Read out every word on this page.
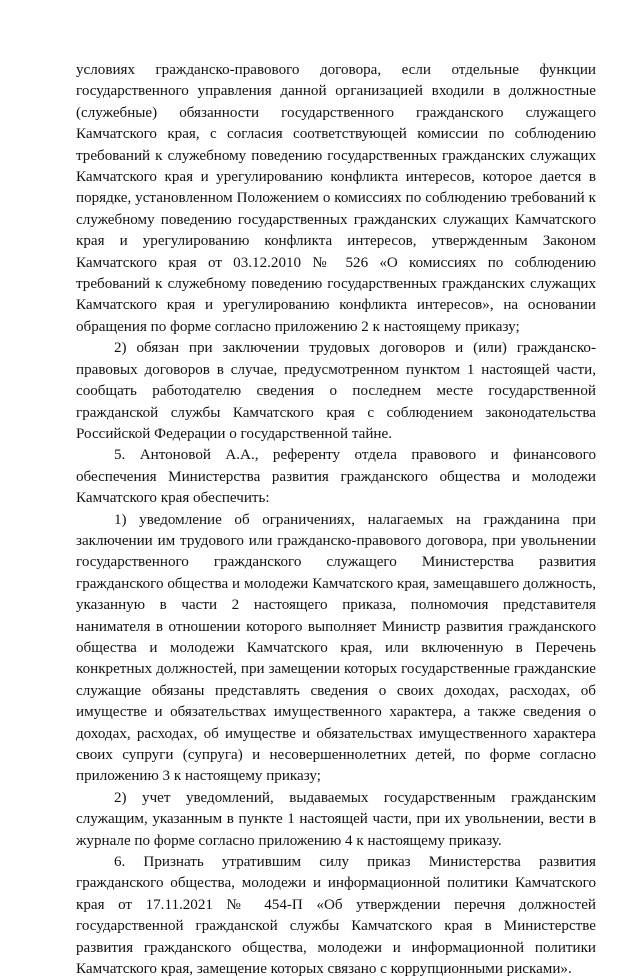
условиях гражданско-правового договора, если отдельные функции государственного управления данной организацией входили в должностные (служебные) обязанности государственного гражданского служащего Камчатского края, с согласия соответствующей комиссии по соблюдению требований к служебному поведению государственных гражданских служащих Камчатского края и урегулированию конфликта интересов, которое дается в порядке, установленном Положением о комиссиях по соблюдению требований к служебному поведению государственных гражданских служащих Камчатского края и урегулированию конфликта интересов, утвержденным Законом Камчатского края от 03.12.2010 № 526 «О комиссиях по соблюдению требований к служебному поведению государственных гражданских служащих Камчатского края и урегулированию конфликта интересов», на основании обращения по форме согласно приложению 2 к настоящему приказу;

2) обязан при заключении трудовых договоров и (или) гражданско-правовых договоров в случае, предусмотренном пунктом 1 настоящей части, сообщать работодателю сведения о последнем месте государственной гражданской службы Камчатского края с соблюдением законодательства Российской Федерации о государственной тайне.

5. Антоновой А.А., референту отдела правового и финансового обеспечения Министерства развития гражданского общества и молодежи Камчатского края обеспечить:

1) уведомление об ограничениях, налагаемых на гражданина при заключении им трудового или гражданско-правового договора, при увольнении государственного гражданского служащего Министерства развития гражданского общества и молодежи Камчатского края, замещавшего должность, указанную в части 2 настоящего приказа, полномочия представителя нанимателя в отношении которого выполняет Министр развития гражданского общества и молодежи Камчатского края, или включенную в Перечень конкретных должностей, при замещении которых государственные гражданские служащие обязаны представлять сведения о своих доходах, расходах, об имуществе и обязательствах имущественного характера, а также сведения о доходах, расходах, об имуществе и обязательствах имущественного характера своих супруги (супруга) и несовершеннолетних детей, по форме согласно приложению 3 к настоящему приказу;

2) учет уведомлений, выдаваемых государственным гражданским служащим, указанным в пункте 1 настоящей части, при их увольнении, вести в журнале по форме согласно приложению 4 к настоящему приказу.

6. Признать утратившим силу приказ Министерства развития гражданского общества, молодежи и информационной политики Камчатского края от 17.11.2021 № 454-П «Об утверждении перечня должностей государственной гражданской службы Камчатского края в Министерстве развития гражданского общества, молодежи и информационной политики Камчатского края, замещение которых связано с коррупционными рисками».
